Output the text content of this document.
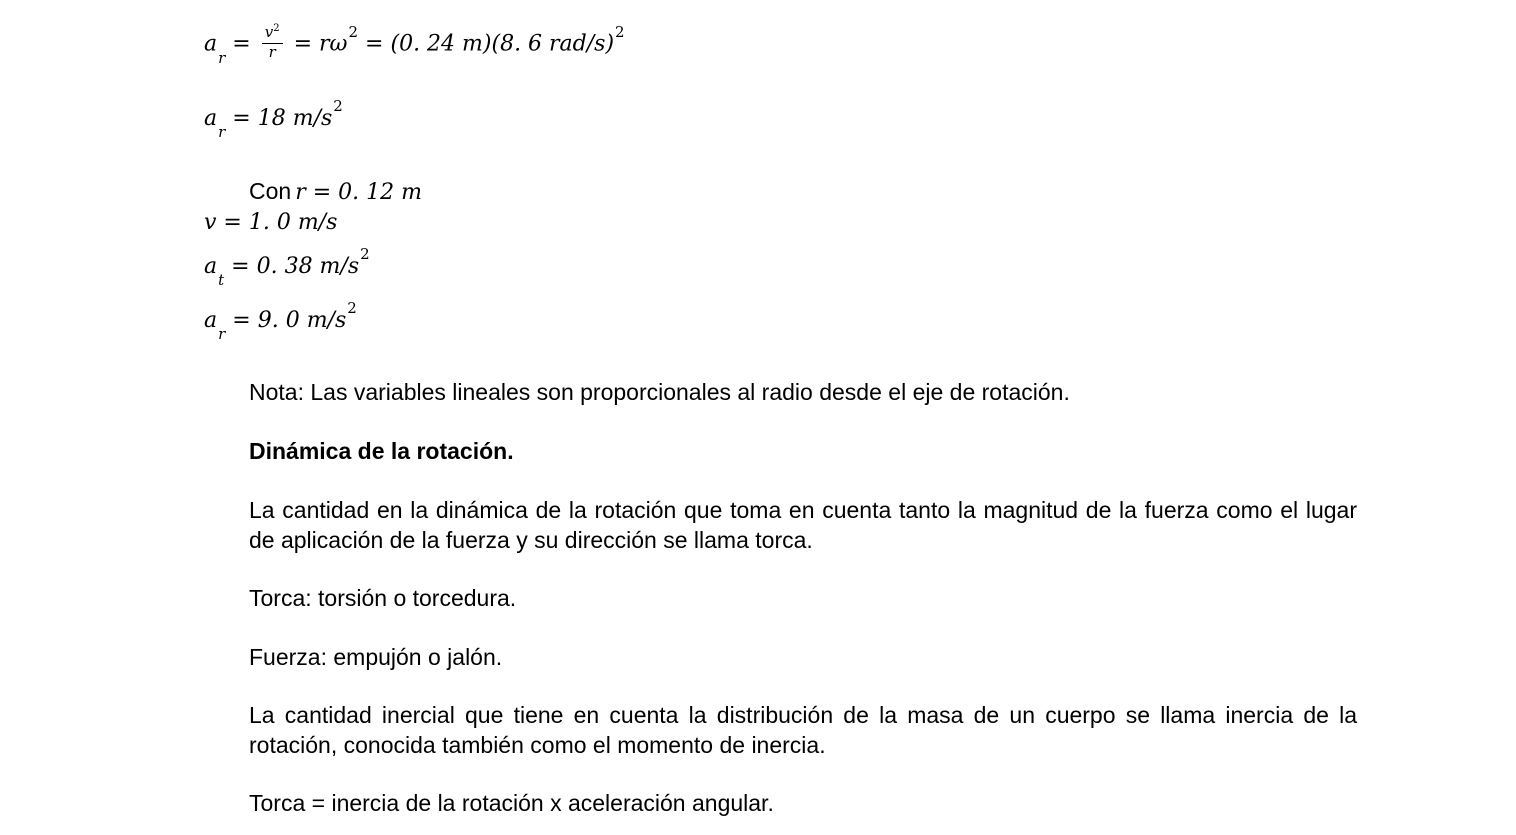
$a_r = \frac{v^2}{r} = r\omega^2 = (0$. 24 m)(8. 6 rad/s)$^2$
$a_r = 18$ $m/s^2$
Con r = 0. 12 m
v = 1. 0 m/s
$a_t = 0$. 38 $m/s^2$
$a_r = 9$. 0 $m/s^2$
Nota: Las variables lineales son proporcionales al radio desde el eje de rotación.
Dinámica de la rotación.
La cantidad en la dinámica de la rotación que toma en cuenta tanto la magnitud de la fuerza como el lugar de aplicación de la fuerza y su dirección se llama torca.
Torca: torsión o torcedura.
Fuerza: empujón o jalón.
La cantidad inercial que tiene en cuenta la distribución de la masa de un cuerpo se llama inercia de la rotación, conocida también como el momento de inercia.
Torca = inercia de la rotación x aceleración angular.
